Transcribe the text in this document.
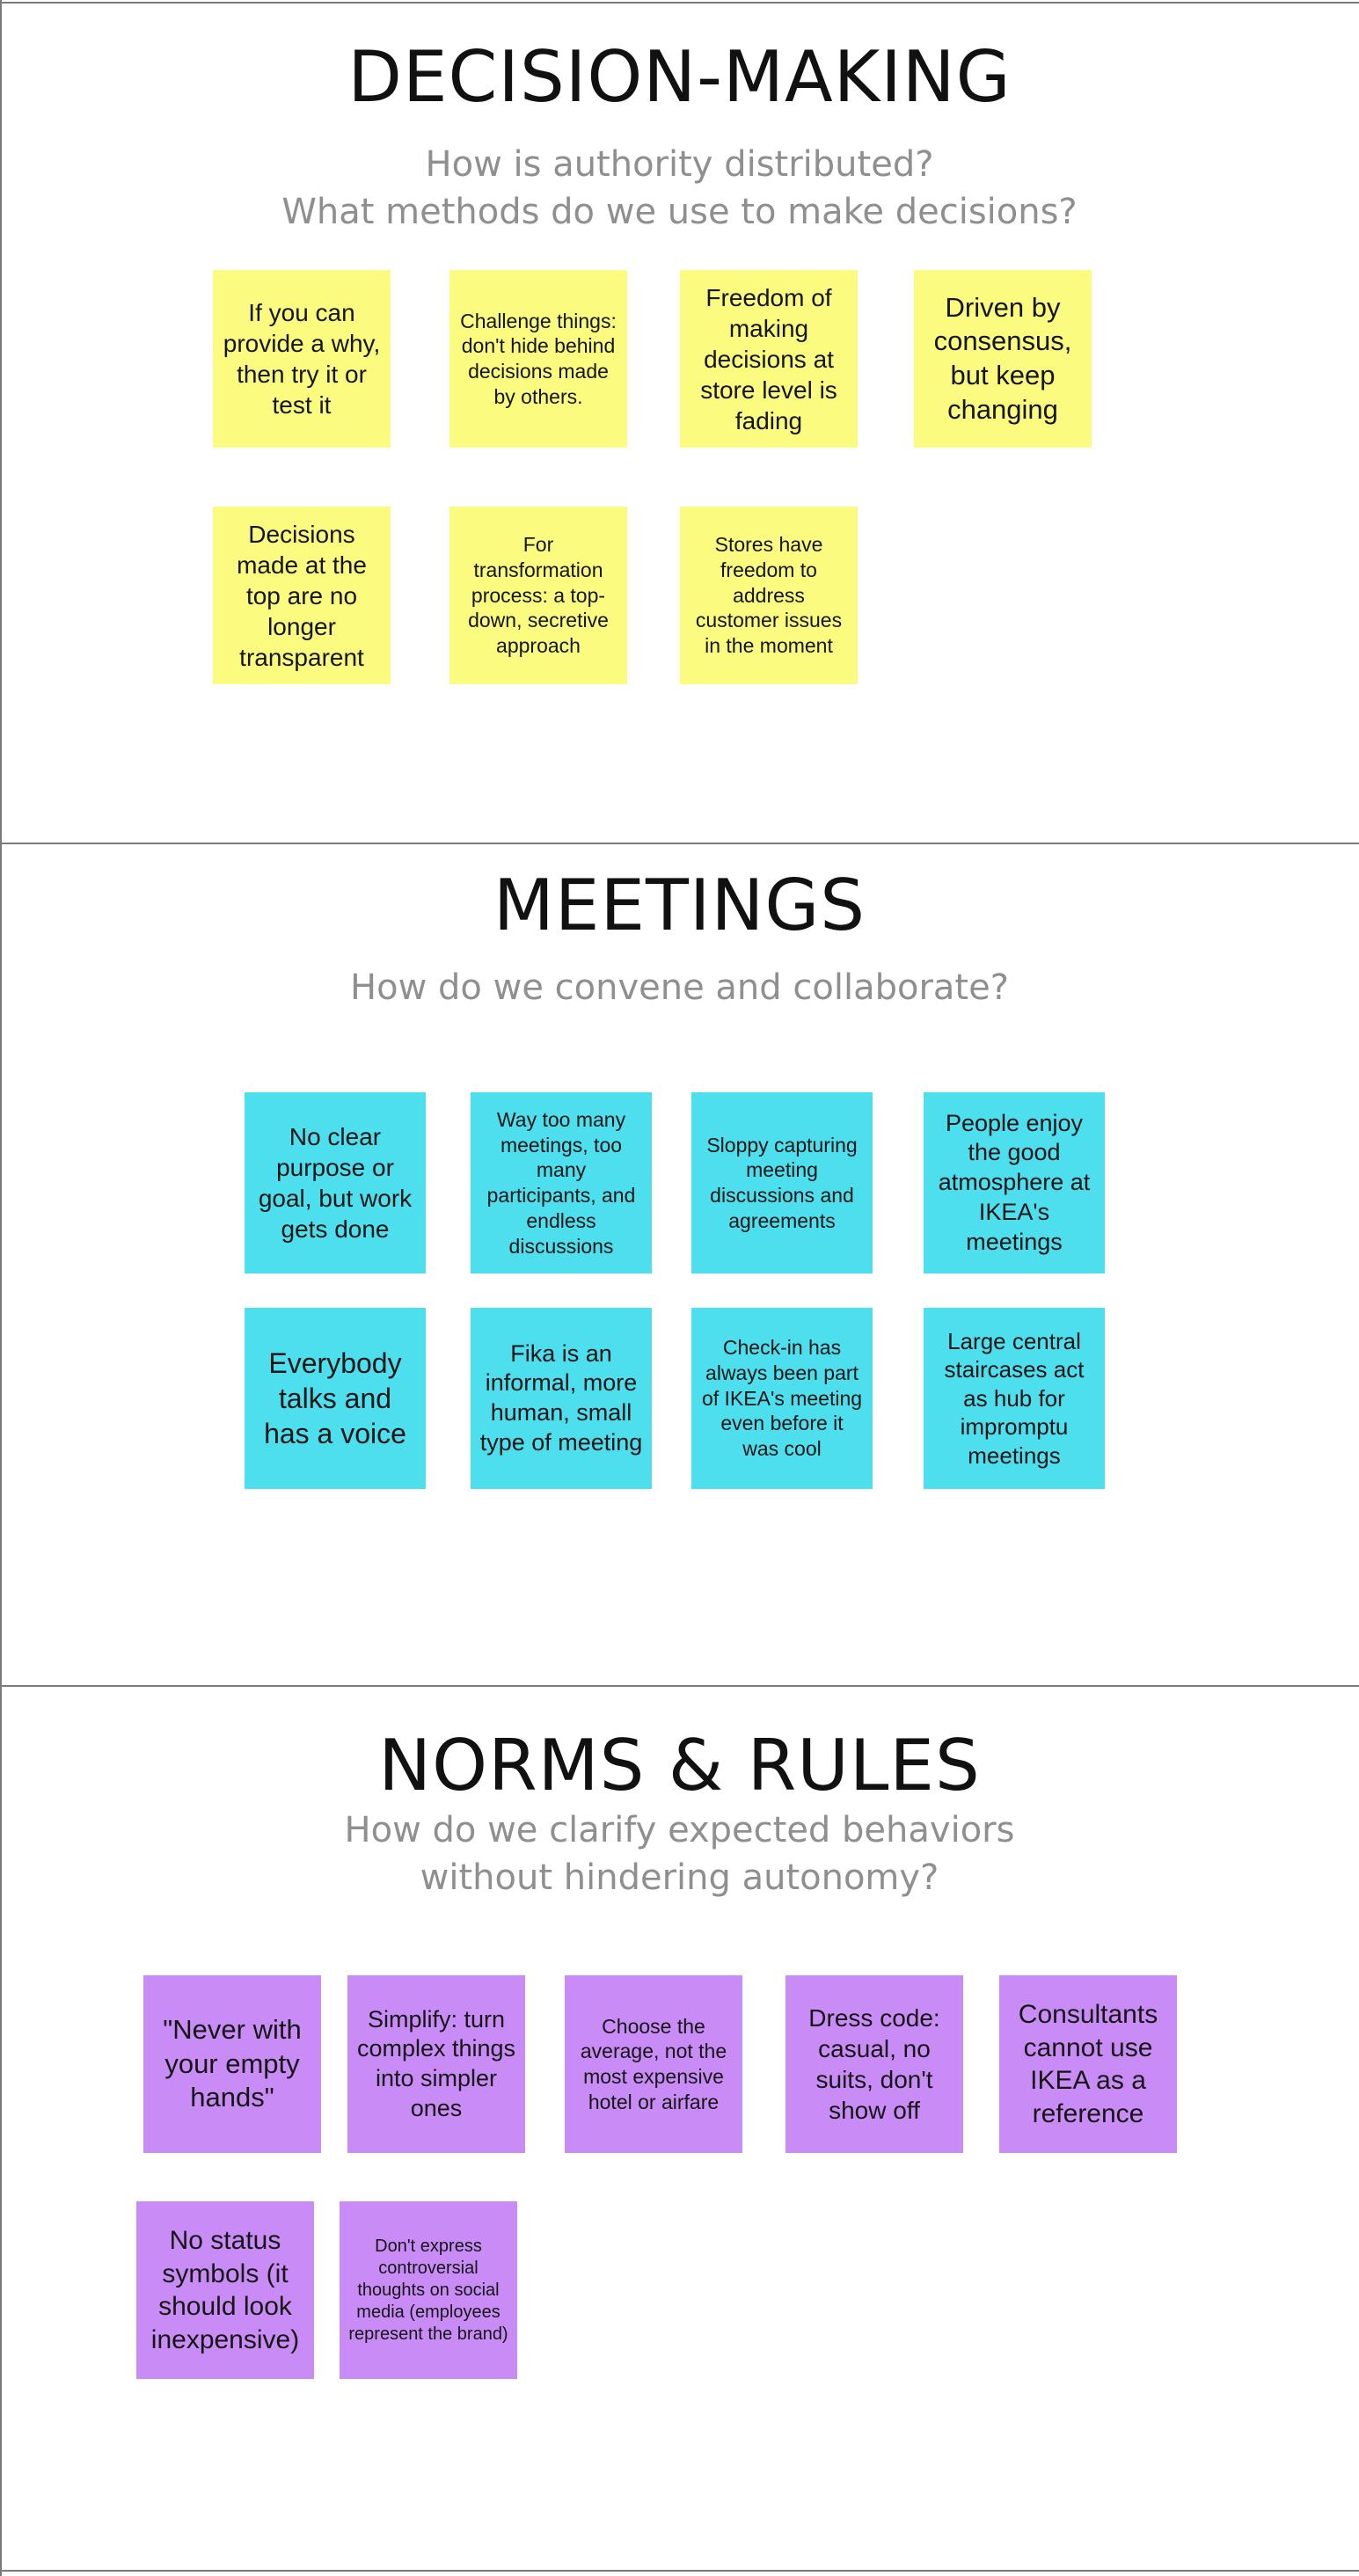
DECISION-MAKING
How is authority distributed?
What methods do we use to make decisions?
If you can provide a why, then try it or test it
Challenge things: don't hide behind decisions made by others.
Freedom of making decisions at store level is fading
Driven by consensus, but keep changing
Decisions made at the top are no longer transparent
For transformation process: a top-down, secretive approach
Stores have freedom to address customer issues in the moment
MEETINGS
How do we convene and collaborate?
No clear purpose or goal, but work gets done
Way too many meetings, too many participants, and endless discussions
Sloppy capturing meeting discussions and agreements
People enjoy the good atmosphere at IKEA's meetings
Everybody talks and has a voice
Fika is an informal, more human, small type of meeting
Check-in has always been part of IKEA's meeting even before it was cool
Large central staircases act as hub for impromptu meetings
NORMS & RULES
How do we clarify expected behaviors
without hindering autonomy?
"Never with your empty hands"
Simplify: turn complex things into simpler ones
Choose the average, not the most expensive hotel or airfare
Dress code: casual, no suits, don't show off
Consultants cannot use IKEA as a reference
No status symbols (it should look inexpensive)
Don't express controversial thoughts on social media (employees represent the brand)
